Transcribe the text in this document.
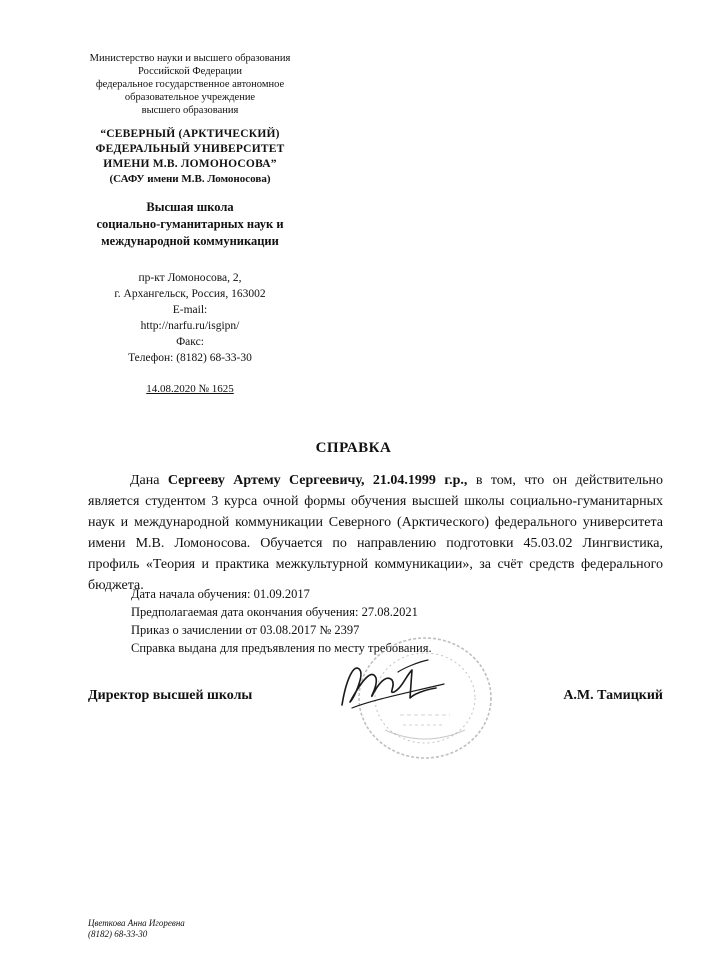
Министерство науки и высшего образования
Российской Федерации
федеральное государственное автономное
образовательное учреждение
высшего образования
“СЕВЕРНЫЙ (АРКТИЧЕСКИЙ)
ФЕДЕРАЛЬНЫЙ УНИВЕРСИТЕТ
ИМЕНИ М.В. ЛОМОНОСОВА”
(САФУ имени М.В. Ломоносова)
Высшая школа
социально-гуманитарных наук и
международной коммуникации
пр-кт Ломоносова, 2,
г. Архангельск, Россия, 163002
E-mail:
http://narfu.ru/isgipn/
Факс:
Телефон: (8182) 68-33-30
14.08.2020 № 1625
СПРАВКА
Дана Сергееву Артему Сергеевичу, 21.04.1999 г.р., в том, что он действительно является студентом 3 курса очной формы обучения высшей школы социально-гуманитарных наук и международной коммуникации Северного (Арктического) федерального университета имени М.В. Ломоносова. Обучается по направлению подготовки 45.03.02 Лингвистика, профиль «Теория и практика межкультурной коммуникации», за счёт средств федерального бюджета.
Дата начала обучения: 01.09.2017
Предполагаемая дата окончания обучения: 27.08.2021
Приказ о зачислении от 03.08.2017 № 2397
Справка выдана для предъявления по месту требования.
Директор высшей школы	А.М. Тамицкий
Цветкова Анна Игоревна
(8182) 68-33-30
